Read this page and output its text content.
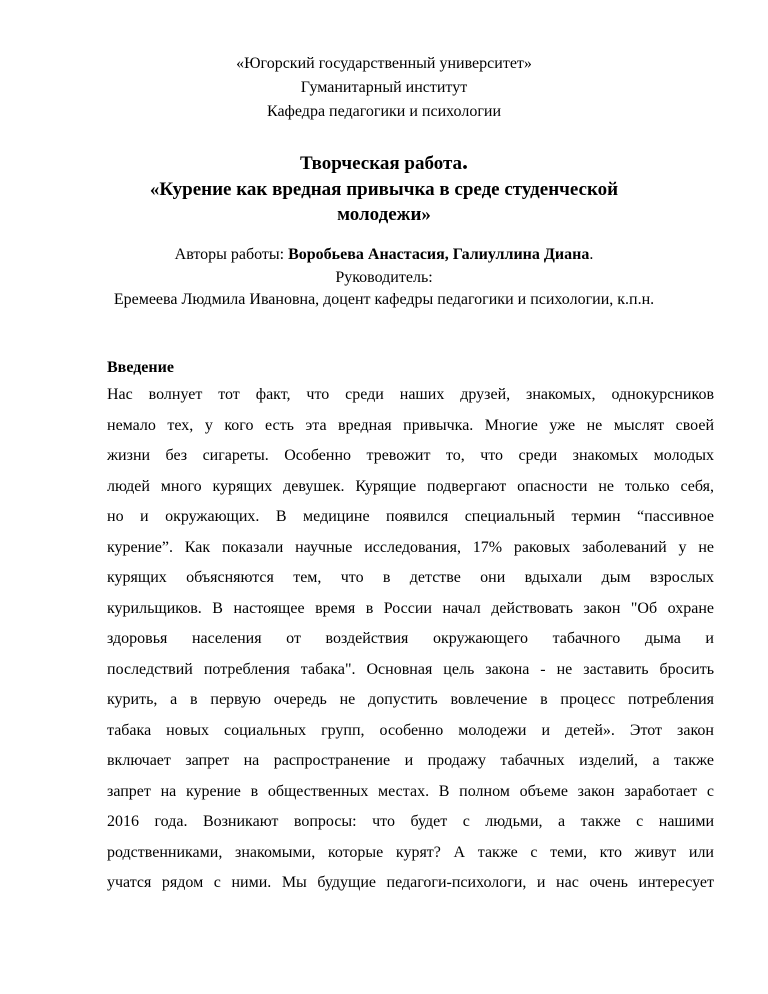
«Югорский государственный университет»
Гуманитарный институт
Кафедра педагогики и психологии
Творческая работа.
«Курение как вредная привычка в среде студенческой
молодежи»
Авторы работы: Воробьева Анастасия, Галиуллина Диана.
Руководитель:
Еремеева Людмила Ивановна, доцент кафедры педагогики и психологии, к.п.н.
Введение
Нас волнует тот факт, что среди наших друзей, знакомых, однокурсников
немало тех, у кого есть эта вредная привычка. Многие уже не мыслят своей
жизни без сигареты. Особенно тревожит то, что среди знакомых молодых
людей много курящих девушек. Курящие подвергают опасности не только себя,
но и окружающих. В медицине появился специальный термин “пассивное
курение”. Как показали научные исследования, 17% раковых заболеваний у не
курящих объясняются тем, что в детстве они вдыхали дым взрослых
курильщиков. В настоящее время в России начал действовать закон "Об охране
здоровья населения от воздействия окружающего табачного дыма и
последствий потребления табака". Основная цель закона - не заставить бросить
курить, а в первую очередь не допустить вовлечение в процесс потребления
табака новых социальных групп, особенно молодежи и детей». Этот закон
включает запрет на распространение и продажу табачных изделий, а также
запрет на курение в общественных местах. В полном объеме закон заработает с
2016 года. Возникают вопросы: что будет с людьми, а также с нашими
родственниками, знакомыми, которые курят? А также с теми, кто живут или
учатся рядом с ними. Мы будущие педагоги-психологи, и нас очень интересует
